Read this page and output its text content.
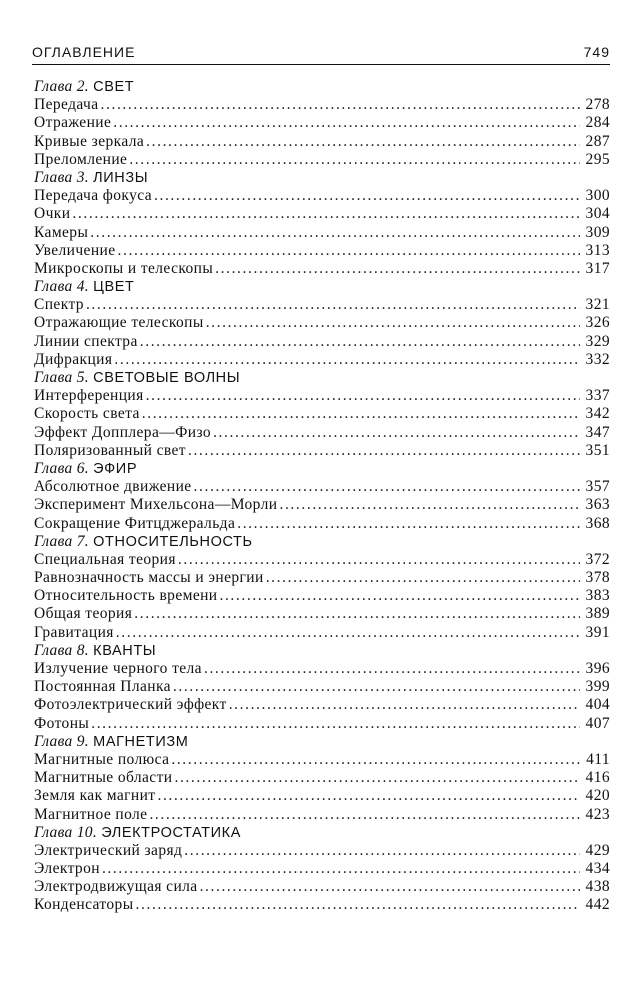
ОГЛАВЛЕНИЕ	749
Глава 2. СВЕТ
Передача .....	278
Отражение .....	284
Кривые зеркала .....	287
Преломление .....	295
Глава 3. ЛИНЗЫ
Передача фокуса .....	300
Очки .....	304
Камеры .....	309
Увеличение .....	313
Микроскопы и телескопы .....	317
Глава 4. ЦВЕТ
Спектр .....	321
Отражающие телескопы .....	326
Линии спектра .....	329
Дифракция .....	332
Глава 5. СВЕТОВЫЕ ВОЛНЫ
Интерференция .....	337
Скорость света .....	342
Эффект Допплера—Физо .....	347
Поляризованный свет .....	351
Глава 6. ЭФИР
Абсолютное движение .....	357
Эксперимент Михельсона—Морли .....	363
Сокращение Фитцджеральда .....	368
Глава 7. ОТНОСИТЕЛЬНОСТЬ
Специальная теория .....	372
Равнозначность массы и энергии .....	378
Относительность времени .....	383
Общая теория .....	389
Гравитация .....	391
Глава 8. КВАНТЫ
Излучение черного тела .....	396
Постоянная Планка .....	399
Фотоэлектрический эффект .....	404
Фотоны .....	407
Глава 9. МАГНЕТИЗМ
Магнитные полюса .....	411
Магнитные области .....	416
Земля как магнит .....	420
Магнитное поле .....	423
Глава 10. ЭЛЕКТРОСТАТИКА
Электрический заряд .....	429
Электрон .....	434
Электродвижущая сила .....	438
Конденсаторы .....	442
